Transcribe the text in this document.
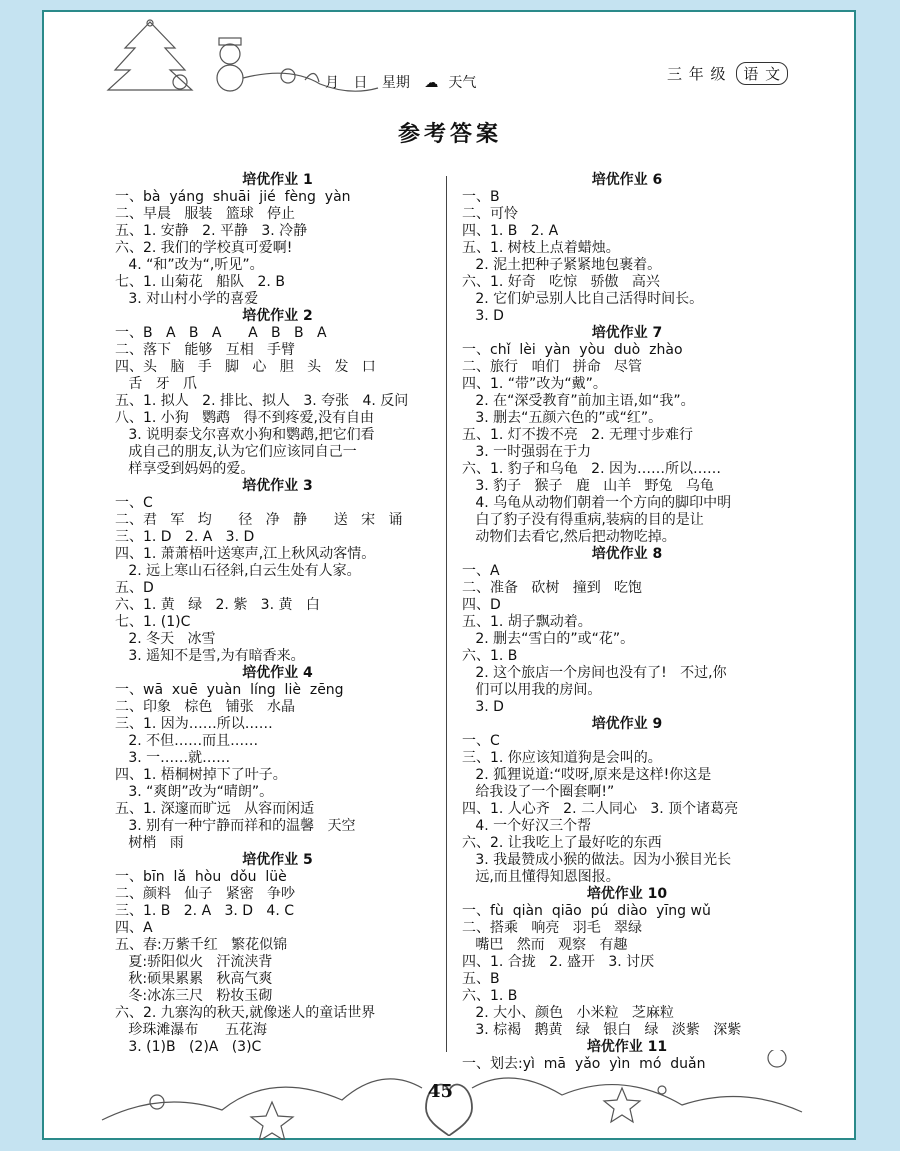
月 日 星期 ☁ 天气	三 年 级 语 文
参考答案
培优作业 1
一、bà  yáng  shuāi  jié  fèng  yàn
二、早晨   服装   篮球   停止
五、1. 安静   2. 平静   3. 冷静
六、2. 我们的学校真可爱啊!
4. “和”改为“,听见”。
七、1. 山菊花   船队   2. B
3. 对山村小学的喜爱
培优作业 2
一、B   A   B   A      A   B   B   A
二、落下   能够   互相   手臂
四、头   脑   手   脚   心   胆   头   发   口
舌   牙   爪
五、1. 拟人   2. 排比、拟人   3. 夸张   4. 反问
八、1. 小狗   鹦鹉   得不到疼爱,没有自由
3. 说明泰戈尔喜欢小狗和鹦鹉,把它们看
成自己的朋友,认为它们应该同自己一
样享受到妈妈的爱。
培优作业 3
一、C
二、君   军   均      径   净   静      送   宋   诵
三、1. D   2. A   3. D
四、1. 萧萧梧叶送寒声,江上秋风动客情。
2. 远上寒山石径斜,白云生处有人家。
五、D
六、1. 黄   绿   2. 紫   3. 黄   白
七、1. (1)C
2. 冬天   冰雪
3. 遥知不是雪,为有暗香来。
培优作业 4
一、wā  xuē  yuàn  líng  liè  zēng
二、印象   棕色   铺张   水晶
三、1. 因为……所以……
2. 不但……而且……
3. 一……就……
四、1. 梧桐树掉下了叶子。
3. “爽朗”改为“晴朗”。
五、1. 深邃而旷远   从容而闲适
3. 别有一种宁静而祥和的温馨   天空
树梢   雨
培优作业 5
一、bīn  lǎ  hòu  dǒu  lüè
二、颜料   仙子   紧密   争吵
三、1. B   2. A   3. D   4. C
四、A
五、春:万紫千红   繁花似锦
夏:骄阳似火   汗流浃背
秋:硕果累累   秋高气爽
冬:冰冻三尺   粉妆玉砌
六、2. 九寨沟的秋天,就像迷人的童话世界
珍珠滩瀑布      五花海
3. (1)B   (2)A   (3)C
培优作业 6
一、B
二、可怜
四、1. B   2. A
五、1. 树枝上点着蜡烛。
2. 泥土把种子紧紧地包裹着。
六、1. 好奇   吃惊   骄傲   高兴
2. 它们妒忌别人比自己活得时间长。
3. D
培优作业 7
一、chǐ  lèi  yàn  yòu  duò  zhào
二、旅行   咱们   拼命   尽管
四、1. “带”改为“戴”。
2. 在“深受教育”前加主语,如“我”。
3. 删去“五颜六色的”或“红”。
五、1. 灯不拨不亮   2. 无理寸步难行
3. 一时强弱在于力
六、1. 豹子和乌龟   2. 因为……所以……
3. 豹子   猴子   鹿   山羊   野兔   乌龟
4. 乌龟从动物们朝着一个方向的脚印中明
白了豹子没有得重病,装病的目的是让
动物们去看它,然后把动物吃掉。
培优作业 8
一、A
二、准备   砍树   撞到   吃饱
四、D
五、1. 胡子飘动着。
2. 删去“雪白的”或“花”。
六、1. B
2. 这个旅店一个房间也没有了!   不过,你
们可以用我的房间。
3. D
培优作业 9
一、C
三、1. 你应该知道狗是会叫的。
2. 狐狸说道:“哎呀,原来是这样!你这是
给我设了一个圈套啊!”
四、1. 人心齐   2. 二人同心   3. 顶个诸葛亮
4. 一个好汉三个帮
六、2. 让我吃上了最好吃的东西
3. 我最赞成小猴的做法。因为小猴目光长
远,而且懂得知恩图报。
培优作业 10
一、fù  qiàn  qiāo  pú  diào  yīng wǔ
二、搭乘   响亮   羽毛   翠绿
嘴巴   然而   观察   有趣
四、1. 合拢   2. 盛开   3. 讨厌
五、B
六、1. B
2. 大小、颜色   小米粒   芝麻粒
3. 棕褐   鹅黄   绿   银白   绿   淡紫   深紫
培优作业 11
一、划去:yì  mā  yǎo  yìn  mó  duǎn
45
